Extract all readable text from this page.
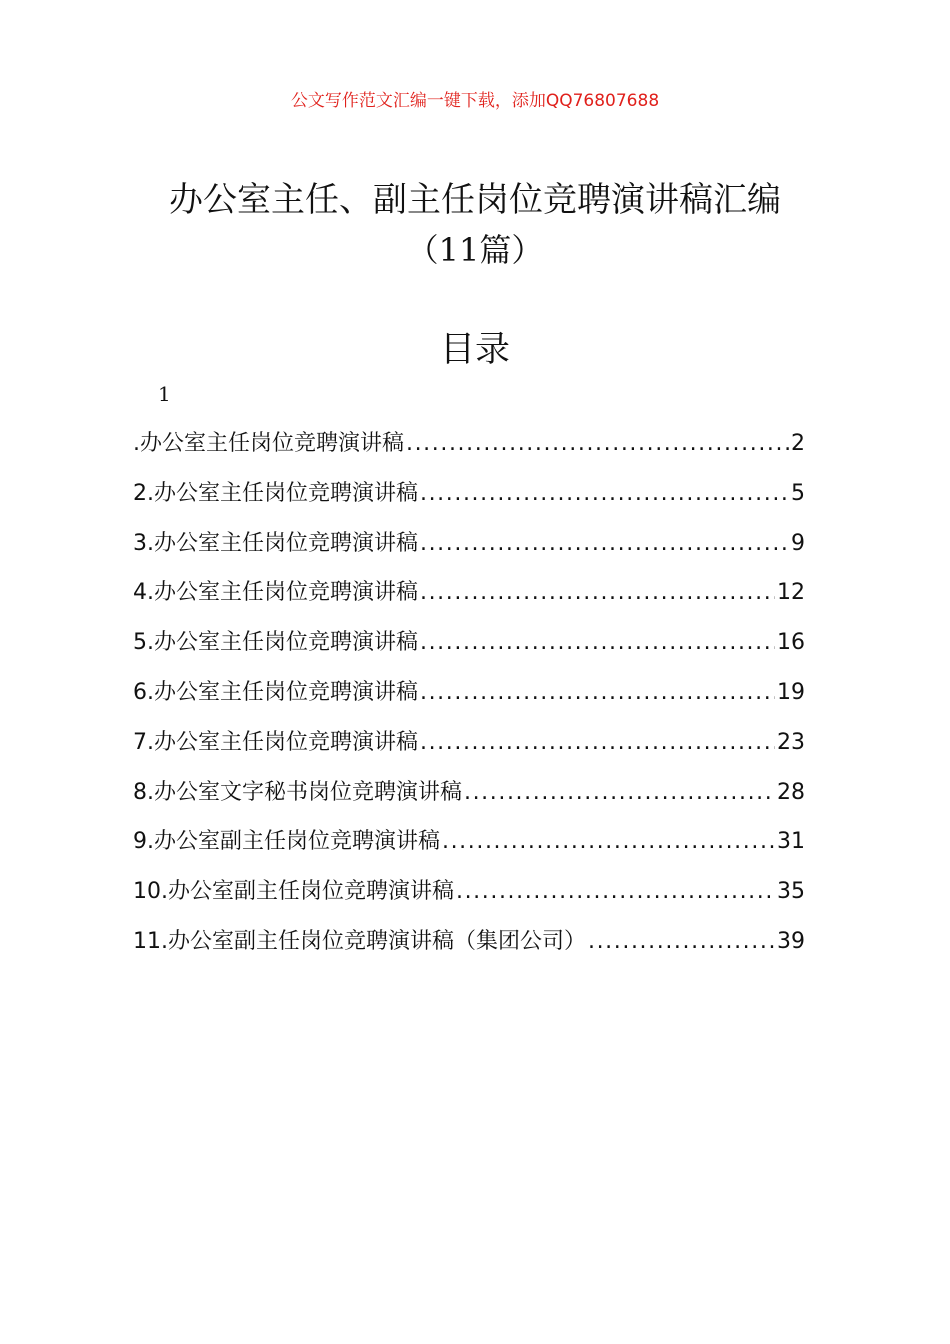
公文写作范文汇编一键下载，添加QQ76807688
办公室主任、副主任岗位竞聘演讲稿汇编
（11篇）
目录
1
.办公室主任岗位竞聘演讲稿 .....	2
2.办公室主任岗位竞聘演讲稿 .....	5
3.办公室主任岗位竞聘演讲稿 .....	9
4.办公室主任岗位竞聘演讲稿 .....	12
5.办公室主任岗位竞聘演讲稿 .....	16
6.办公室主任岗位竞聘演讲稿 .....	19
7.办公室主任岗位竞聘演讲稿 .....	23
8.办公室文字秘书岗位竞聘演讲稿 .....	28
9.办公室副主任岗位竞聘演讲稿 .....	31
10.办公室副主任岗位竞聘演讲稿 .....	35
11.办公室副主任岗位竞聘演讲稿（集团公司） .....	39
